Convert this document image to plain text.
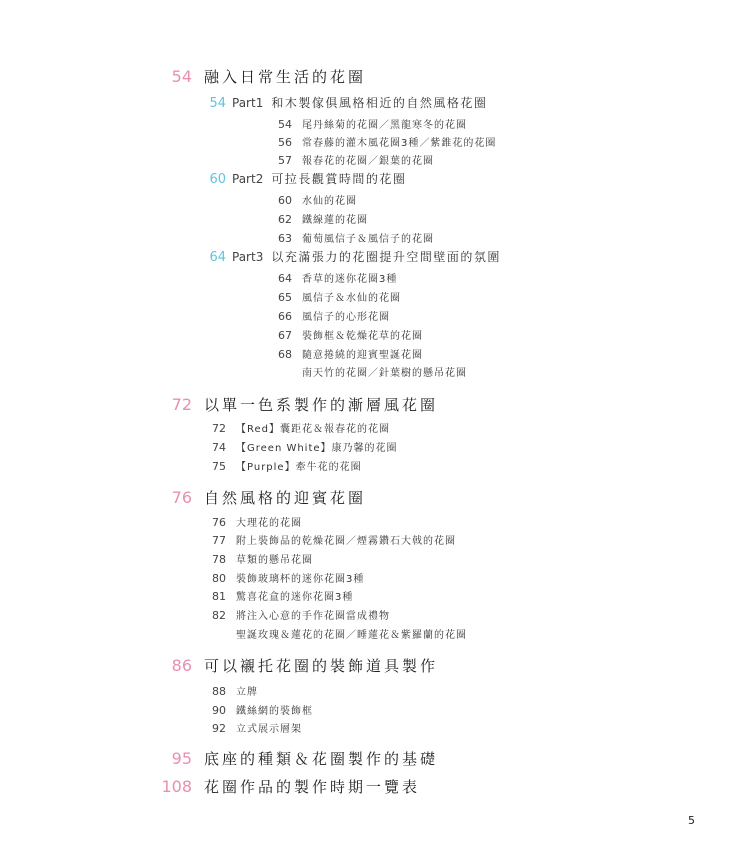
54 融入日常生活的花圈
54 Part1 和木製傢俱風格相近的自然風格花圈
54 尾丹絲菊的花圈／黑龍寒冬的花圈
56 常春藤的灌木風花圈3種／紫錐花的花圈
57 報春花的花圈／銀葉的花圈
60 Part2 可拉長觀賞時間的花圈
60 水仙的花圈
62 鐵線蓮的花圈
63 葡萄風信子＆風信子的花圈
64 Part3 以充滿張力的花圈提升空間壁面的氛圍
64 香草的迷你花圈3種
65 風信子＆水仙的花圈
66 風信子的心形花圈
67 裝飾框＆乾燥花草的花圈
68 隨意捲繞的迎賓聖誕花圈
南天竹的花圈／針葉樹的懸吊花圈
72 以單一色系製作的漸層風花圈
72 【Red】囊距花＆報春花的花圈
74 【Green White】康乃馨的花圈
75 【Purple】牽牛花的花圈
76 自然風格的迎賓花圈
76 大理花的花圈
77 附上裝飾品的乾燥花圈／煙霧鑽石大戟的花圈
78 草類的懸吊花圈
80 裝飾玻璃杯的迷你花圈3種
81 驚喜花盒的迷你花圈3種
82 將注入心意的手作花圈當成禮物
聖誕玫瑰＆蓮花的花圈／睡蓮花＆紫羅蘭的花圈
86 可以襯托花圈的裝飾道具製作
88 立牌
90 鐵絲網的裝飾框
92 立式展示層架
95 底座的種類＆花圈製作的基礎
108 花圈作品的製作時期一覽表
5
